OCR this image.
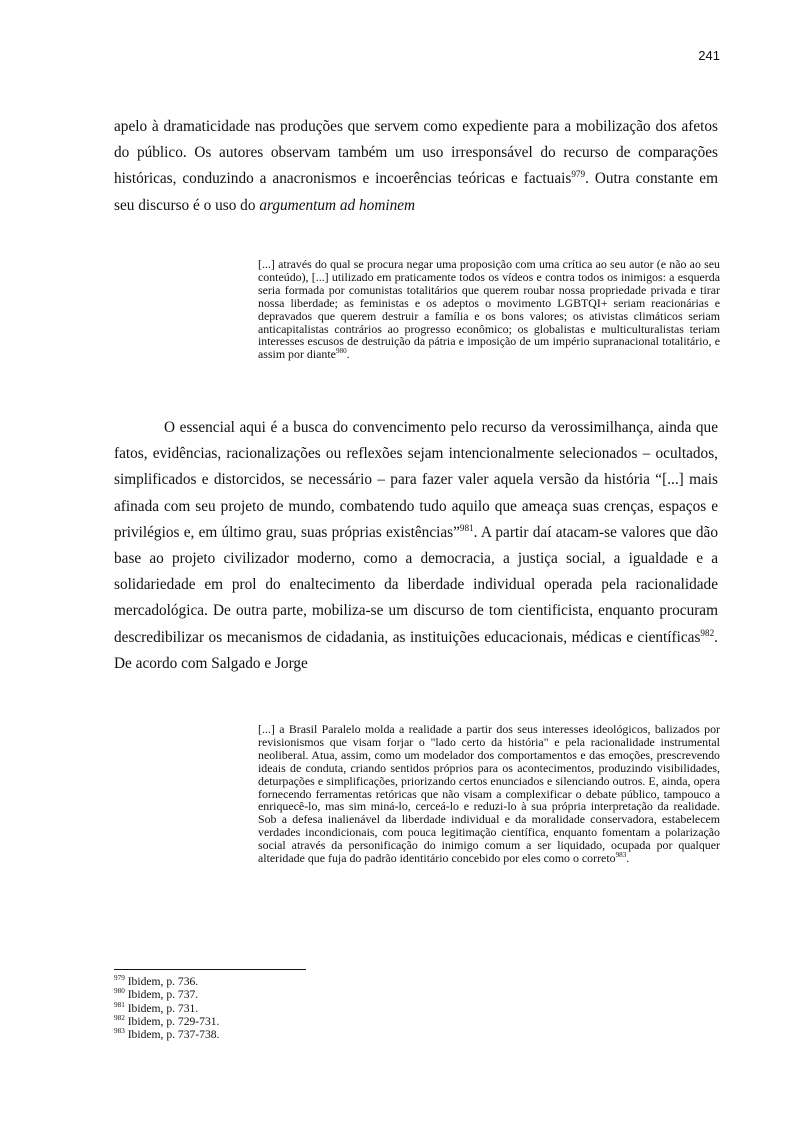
241

apelo à dramaticidade nas produções que servem como expediente para a mobilização dos afetos do público. Os autores observam também um uso irresponsável do recurso de comparações históricas, conduzindo a anacronismos e incoerências teóricas e factuais$^{979}$. Outra constante em seu discurso é o uso do argumentum ad hominem

[...] através do qual se procura negar uma proposição com uma crítica ao seu autor (e não ao seu conteúdo), [...] utilizado em praticamente todos os vídeos e contra todos os inimigos: a esquerda seria formada por comunistas totalitários que querem roubar nossa propriedade privada e tirar nossa liberdade; as feministas e os adeptos o movimento LGBTQI+ seriam reacionárias e depravados que querem destruir a família e os bons valores; os ativistas climáticos seriam anticapitalistas contrários ao progresso econômico; os globalistas e multiculturalistas teriam interesses escusos de destruição da pátria e imposição de um império supranacional totalitário, e assim por diante$^{980}$.

O essencial aqui é a busca do convencimento pelo recurso da verossimilhança, ainda que fatos, evidências, racionalizações ou reflexões sejam intencionalmente selecionados – ocultados, simplificados e distorcidos, se necessário – para fazer valer aquela versão da história “[...] mais afinada com seu projeto de mundo, combatendo tudo aquilo que ameaça suas crenças, espaços e privilégios e, em último grau, suas próprias existências”$^{981}$. A partir daí atacam-se valores que dão base ao projeto civilizador moderno, como a democracia, a justiça social, a igualdade e a solidariedade em prol do enaltecimento da liberdade individual operada pela racionalidade mercadológica. De outra parte, mobiliza-se um discurso de tom cientificista, enquanto procuram descredibilizar os mecanismos de cidadania, as instituições educacionais, médicas e científicas$^{982}$. De acordo com Salgado e Jorge

[...] a Brasil Paralelo molda a realidade a partir dos seus interesses ideológicos, balizados por revisionismos que visam forjar o "lado certo da história" e pela racionalidade instrumental neoliberal. Atua, assim, como um modelador dos comportamentos e das emoções, prescrevendo ideais de conduta, criando sentidos próprios para os acontecimentos, produzindo visibilidades, deturpações e simplificações, priorizando certos enunciados e silenciando outros. E, ainda, opera fornecendo ferramentas retóricas que não visam a complexificar o debate público, tampouco a enriquecê-lo, mas sim miná-lo, cerceá-lo e reduzi-lo à sua própria interpretação da realidade. Sob a defesa inalienável da liberdade individual e da moralidade conservadora, estabelecem verdades incondicionais, com pouca legitimação científica, enquanto fomentam a polarização social através da personificação do inimigo comum a ser liquidado, ocupada por qualquer alteridade que fuja do padrão identitário concebido por eles como o correto$^{983}$.

$^{979}$ Ibidem, p. 736.
$^{980}$ Ibidem, p. 737.
$^{981}$ Ibidem, p. 731.
$^{982}$ Ibidem, p. 729-731.
$^{983}$ Ibidem, p. 737-738.
